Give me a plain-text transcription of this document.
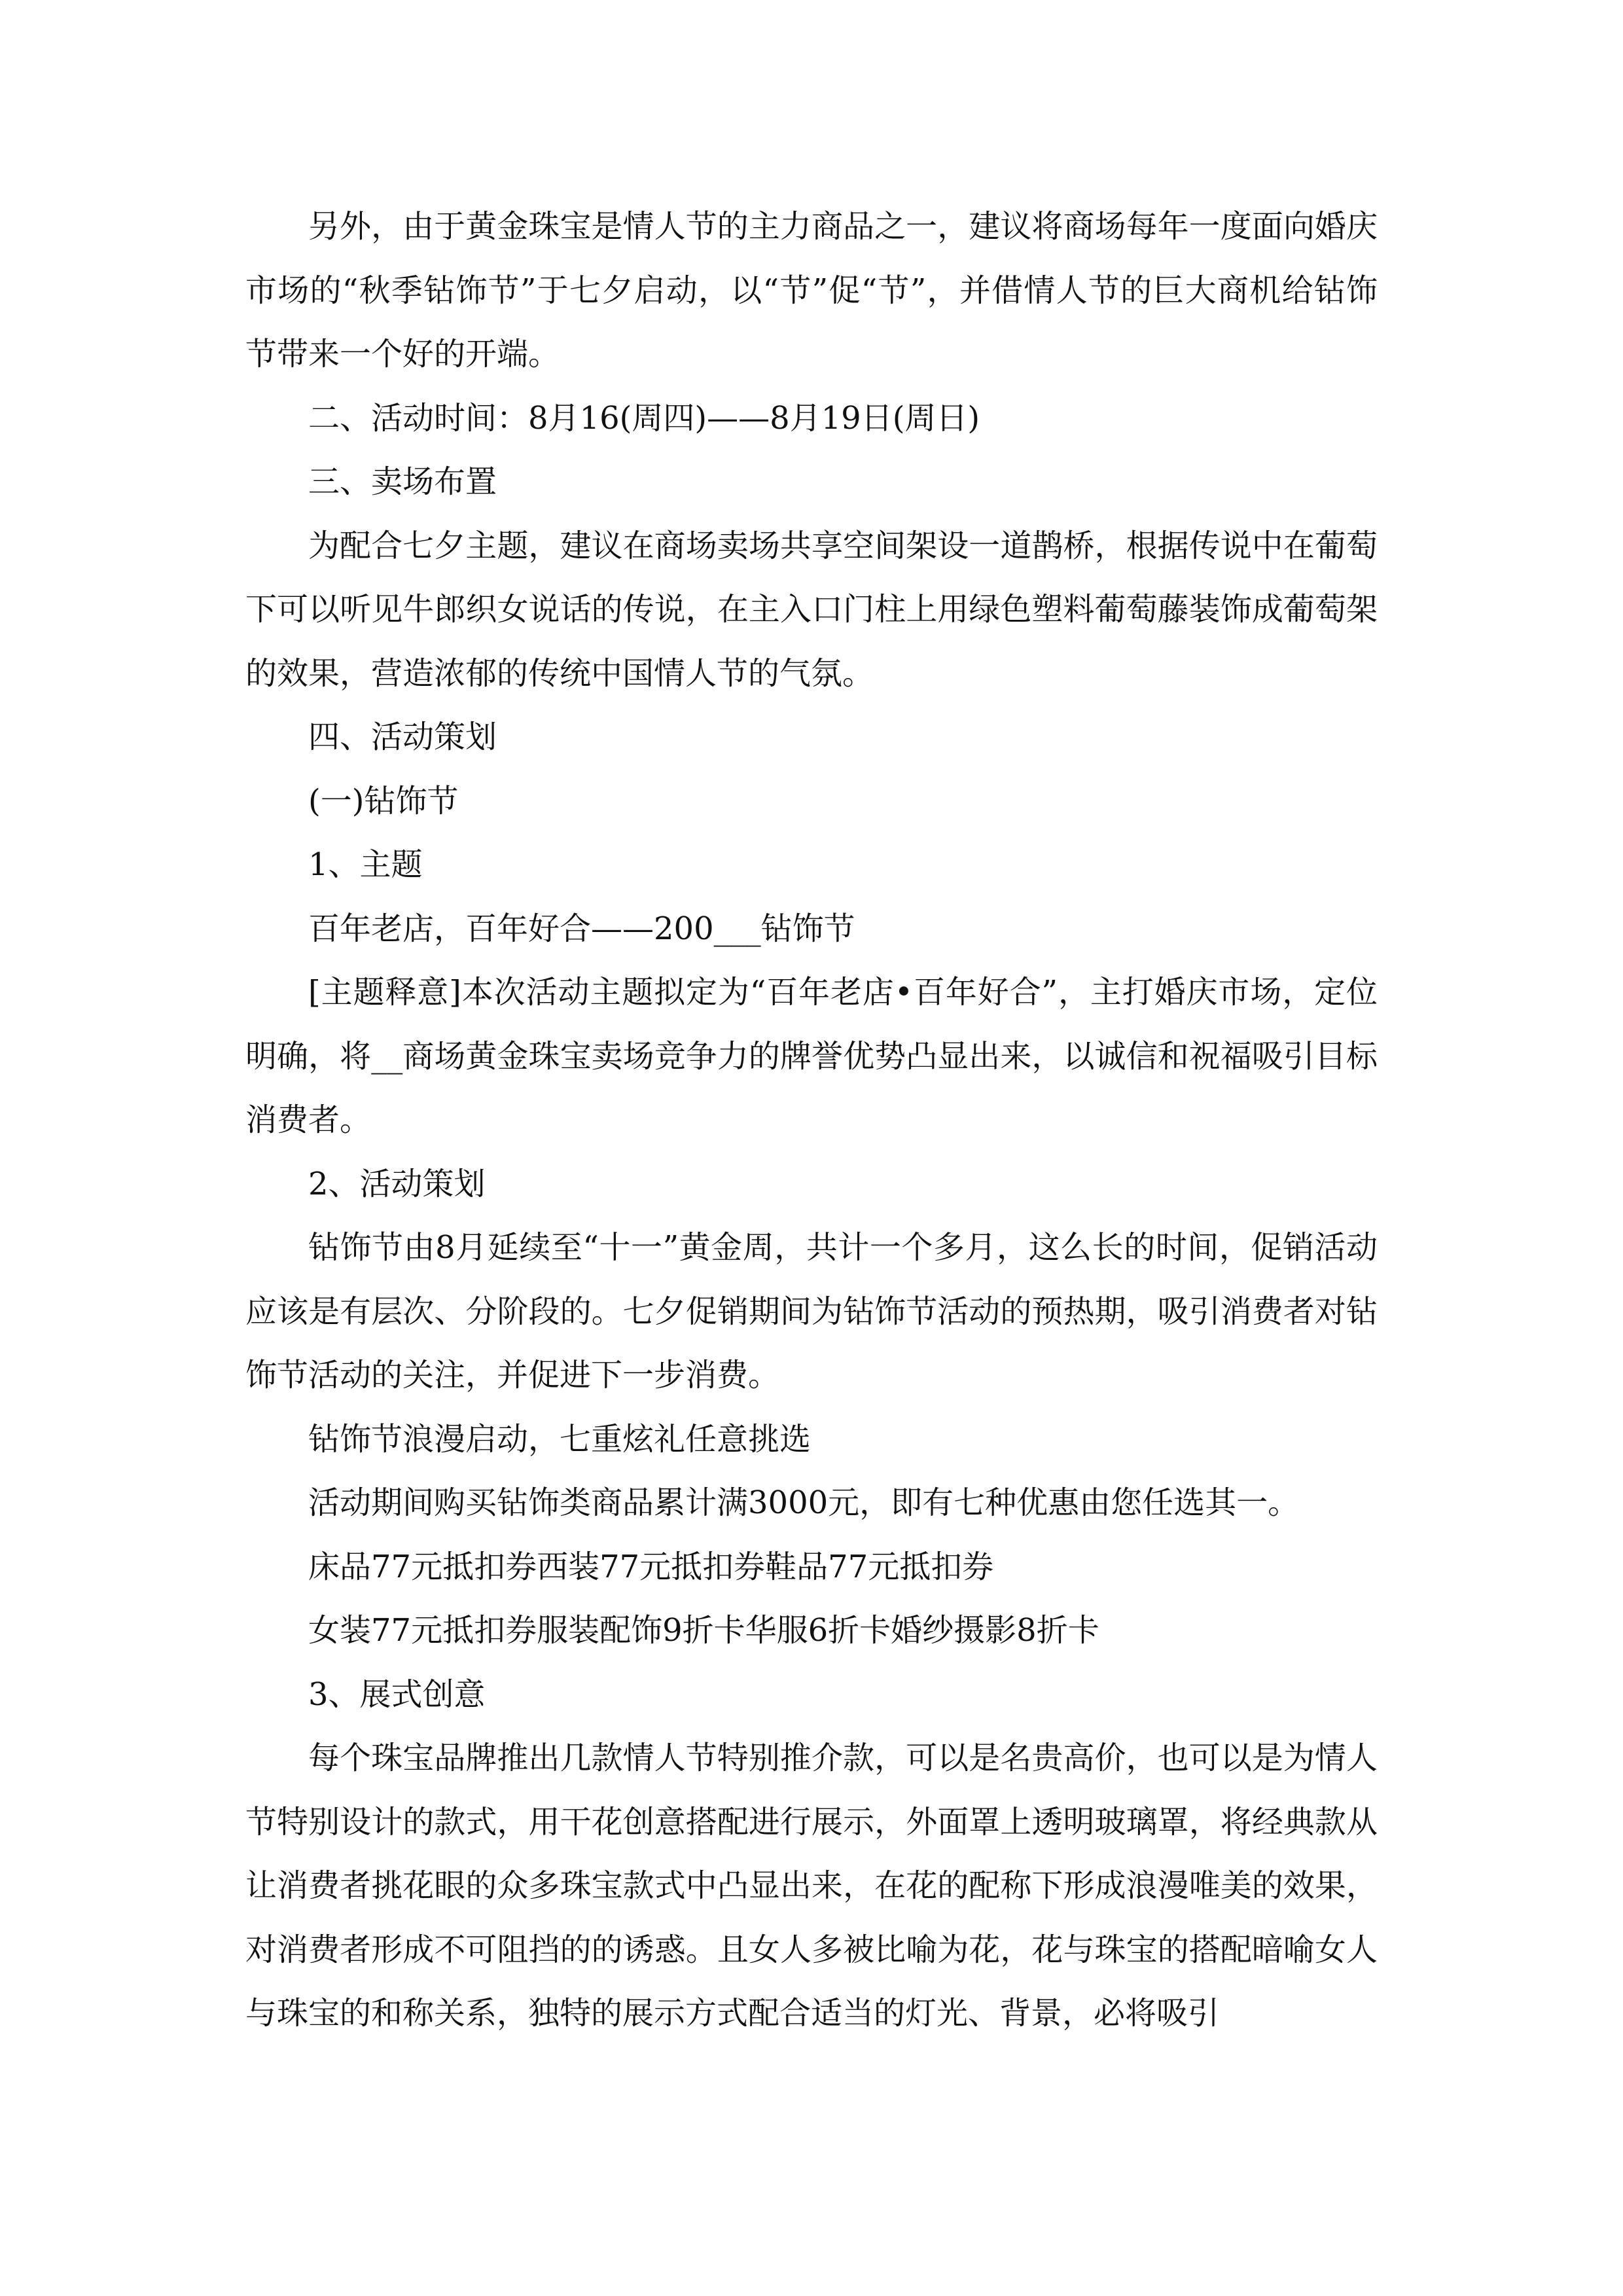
另外，由于黄金珠宝是情人节的主力商品之一，建议将商场每年一度面向婚庆市场的“秋季钻饰节”于七夕启动，以“节”促“节”，并借情人节的巨大商机给钻饰节带来一个好的开端。

二、活动时间：8月16(周四)——8月19日(周日)

三、卖场布置

为配合七夕主题，建议在商场卖场共享空间架设一道鹊桥，根据传说中在葡萄下可以听见牛郎织女说话的传说，在主入口门柱上用绿色塑料葡萄藤装饰成葡萄架的效果，营造浓郁的传统中国情人节的气氛。

四、活动策划

(一)钻饰节

1、主题

百年老店，百年好合——200___钻饰节

[主题释意]本次活动主题拟定为“百年老店•百年好合”，主打婚庆市场，定位明确，将__商场黄金珠宝卖场竞争力的牌誉优势凸显出来，以诚信和祝福吸引目标消费者。

2、活动策划

钻饰节由8月延续至“十一”黄金周，共计一个多月，这么长的时间，促销活动应该是有层次、分阶段的。七夕促销期间为钻饰节活动的预热期，吸引消费者对钻饰节活动的关注，并促进下一步消费。

钻饰节浪漫启动，七重炫礼任意挑选

活动期间购买钻饰类商品累计满3000元，即有七种优惠由您任选其一。

床品77元抵扣券西装77元抵扣券鞋品77元抵扣券

女装77元抵扣券服装配饰9折卡华服6折卡婚纱摄影8折卡

3、展式创意

每个珠宝品牌推出几款情人节特别推介款，可以是名贵高价，也可以是为情人节特别设计的款式，用干花创意搭配进行展示，外面罩上透明玻璃罩，将经典款从让消费者挑花眼的众多珠宝款式中凸显出来，在花的配称下形成浪漫唯美的效果，对消费者形成不可阻挡的的诱惑。且女人多被比喻为花，花与珠宝的搭配暗喻女人与珠宝的和称关系，独特的展示方式配合适当的灯光、背景，必将吸引
